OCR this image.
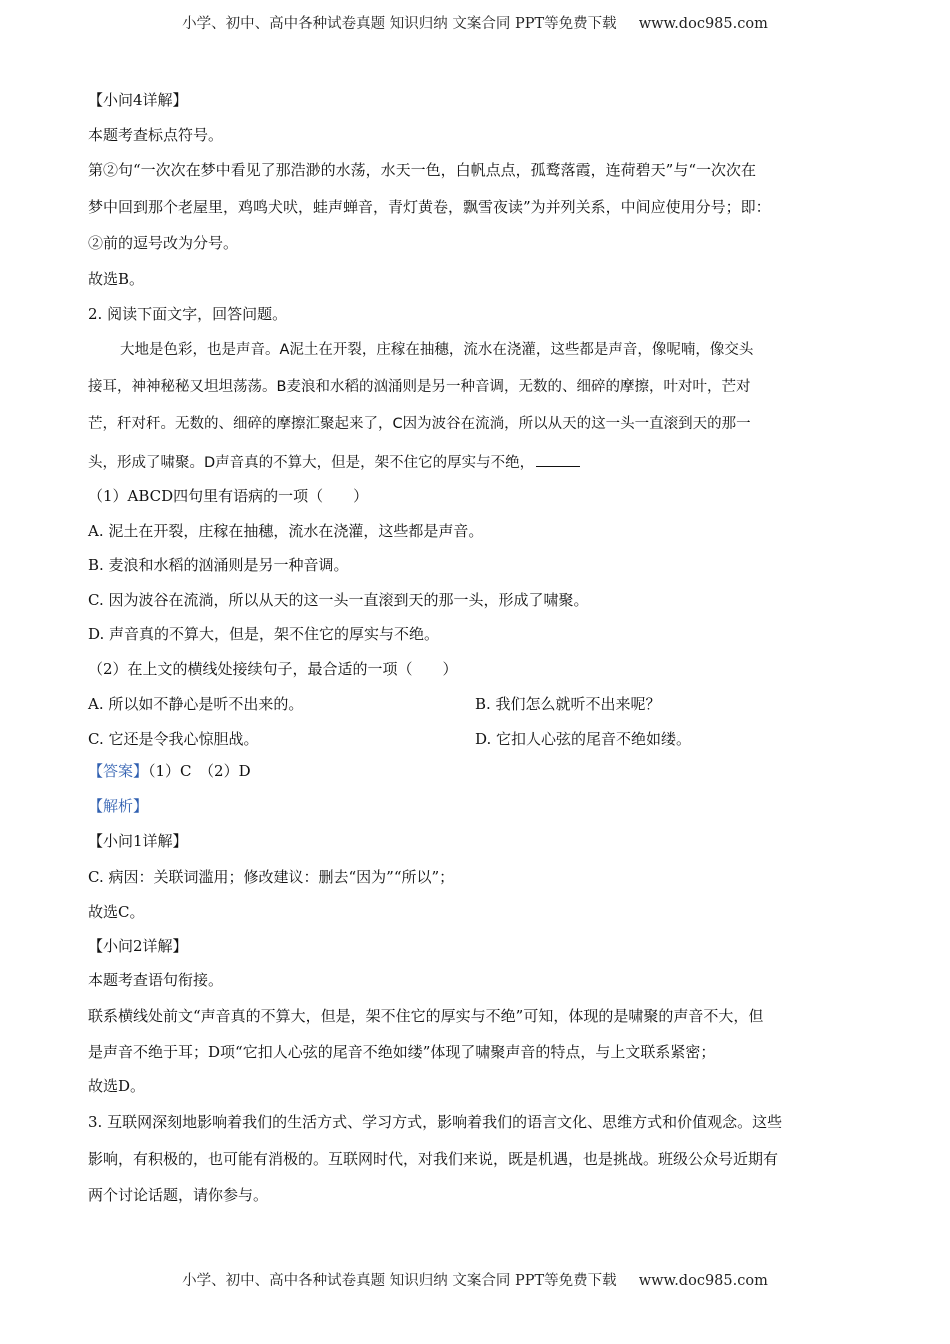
小学、初中、高中各种试卷真题 知识归纳 文案合同 PPT等免费下载 www.doc985.com
【小问4详解】
本题考查标点符号。
第②句“一次次在梦中看见了那浩渺的水荡，水天一色，白帆点点，孤鹜落霞，连荷碧天”与“一次次在
梦中回到那个老屋里，鸡鸣犬吠，蛙声蝉音，青灯黄卷，飘雪夜读”为并列关系，中间应使用分号；即：
②前的逗号改为分号。
故选B。
2. 阅读下面文字，回答问题。
大地是色彩，也是声音。A泥土在开裂，庄稼在抽穗，流水在浇灌，这些都是声音，像呢喃，像交头
接耳，神神秘秘又坦坦荡荡。B麦浪和水稻的汹涌则是另一种音调，无数的、细碎的摩擦，叶对叶，芒对
芒，秆对秆。无数的、细碎的摩擦汇聚起来了，C因为波谷在流淌，所以从天的这一头一直滚到天的那一
头，形成了啸聚。D声音真的不算大，但是，架不住它的厚实与不绝，
（1）ABCD四句里有语病的一项（　　）
A. 泥土在开裂，庄稼在抽穗，流水在浇灌，这些都是声音。
B. 麦浪和水稻的汹涌则是另一种音调。
C. 因为波谷在流淌，所以从天的这一头一直滚到天的那一头，形成了啸聚。
D. 声音真的不算大，但是，架不住它的厚实与不绝。
（2）在上文的横线处接续句子，最合适的一项（　　）
A. 所以如不静心是听不出来的。	B. 我们怎么就听不出来呢？
C. 它还是令我心惊胆战。	D. 它扣人心弦的尾音不绝如缕。
【答案】（1）C　（2）D
【解析】
【小问1详解】
C. 病因：关联词滥用；修改建议：删去“因为”“所以”；
故选C。
【小问2详解】
本题考查语句衔接。
联系横线处前文“声音真的不算大，但是，架不住它的厚实与不绝”可知，体现的是啸聚的声音不大，但
是声音不绝于耳；D项“它扣人心弦的尾音不绝如缕”体现了啸聚声音的特点，与上文联系紧密；
故选D。
3. 互联网深刻地影响着我们的生活方式、学习方式，影响着我们的语言文化、思维方式和价值观念。这些
影响，有积极的，也可能有消极的。互联网时代，对我们来说，既是机遇，也是挑战。班级公众号近期有
两个讨论话题，请你参与。
小学、初中、高中各种试卷真题 知识归纳 文案合同 PPT等免费下载 www.doc985.com
